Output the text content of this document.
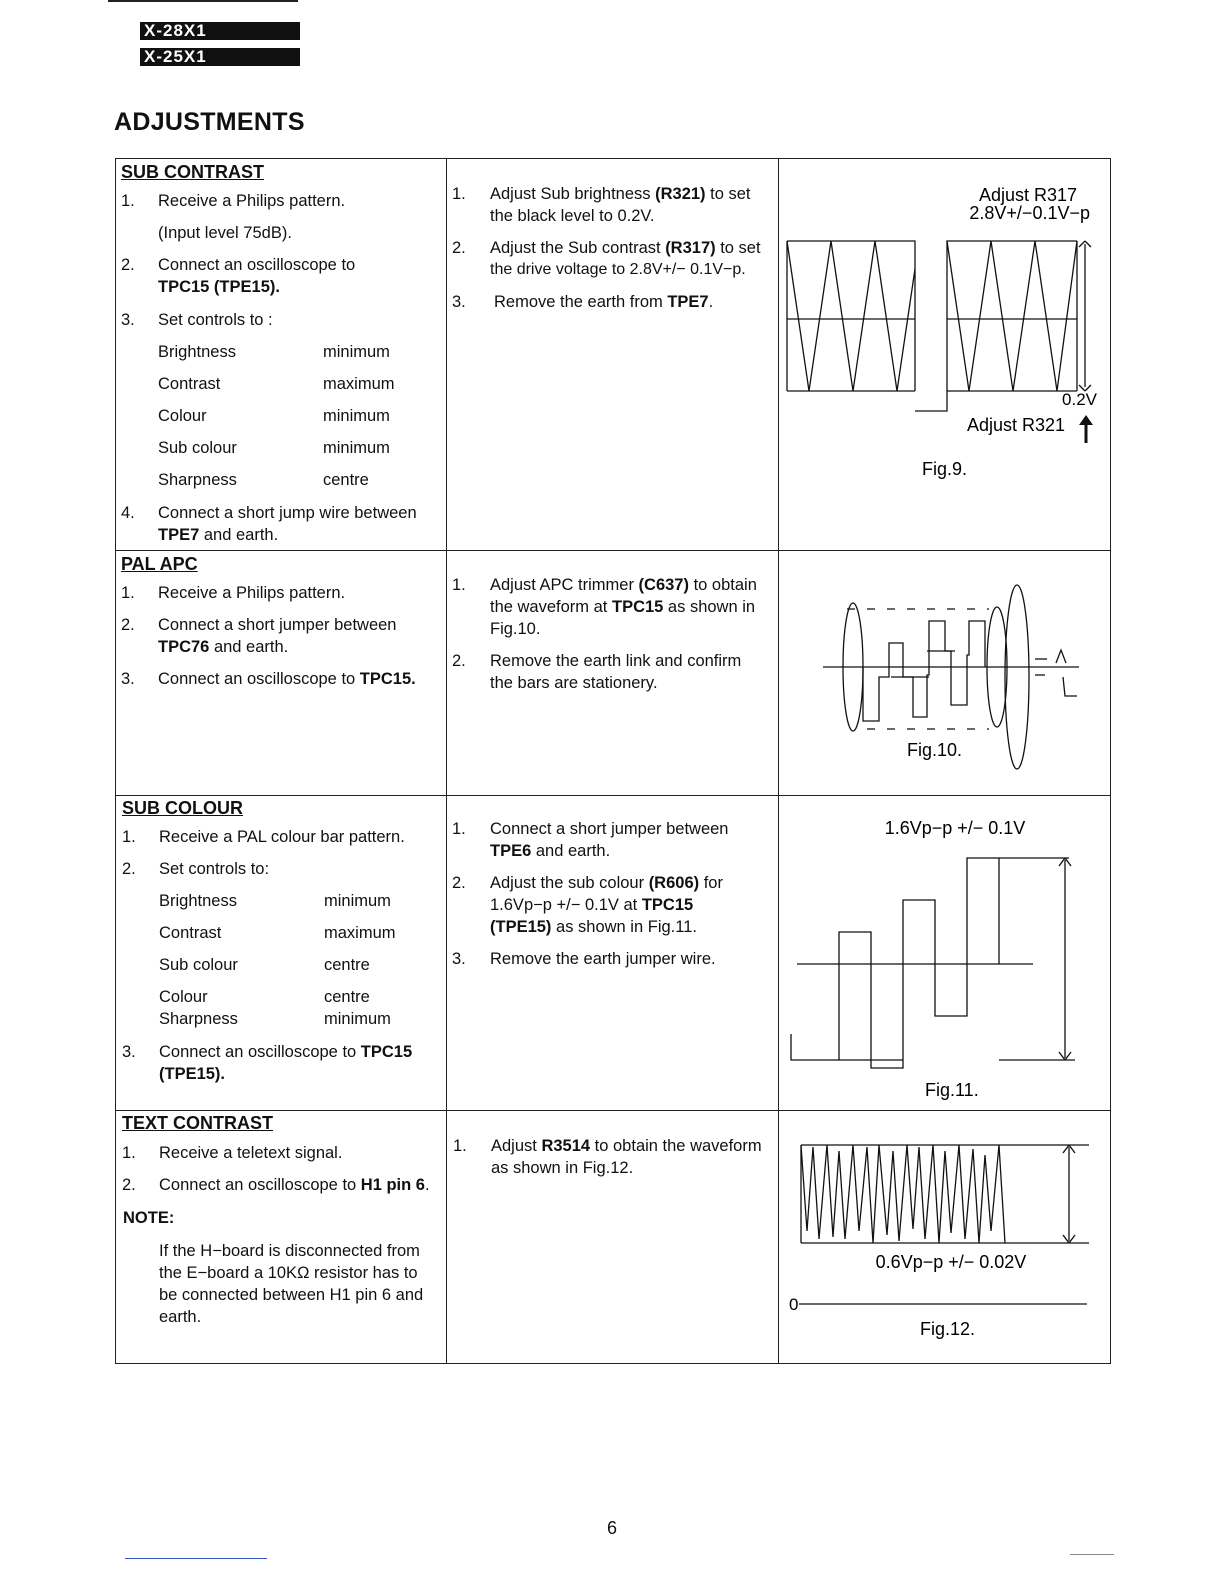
X-28X1
X-25X1
ADJUSTMENTS
SUB CONTRAST
1.	Receive a Philips pattern.
(Input level 75dB).
2.	Connect an oscilloscope to
TPC15 (TPE15).
3.	Set controls to :
Brightness	minimum
Contrast	maximum
Colour	minimum
Sub colour	minimum
Sharpness	centre
4.	Connect a short jump wire between
TPE7 and earth.
1. Adjust Sub brightness (R321) to set
the black level to 0.2V.
2. Adjust the Sub contrast (R317) to set
the drive voltage to 2.8V+/− 0.1V−p.
3. Remove the earth from TPE7.
Adjust R317
2.8V+/−0.1V−p
0.2V
Adjust R321
Fig.9.
PAL APC
1. Receive a Philips pattern.
2. Connect a short jumper between
TPC76 and earth.
3. Connect an oscilloscope to TPC15.
1. Adjust APC trimmer (C637) to obtain
the waveform at TPC15 as shown in
Fig.10.
2. Remove the earth link and confirm
the bars are stationery.
Fig.10.
SUB COLOUR
1. Receive a PAL colour bar pattern.
2. Set controls to:
Brightness	minimum
Contrast	maximum
Sub colour	centre
Colour	centre
Sharpness	minimum
3. Connect an oscilloscope to TPC15
(TPE15).
1. Connect a short jumper between
TPE6 and earth.
2. Adjust the sub colour (R606) for
1.6Vp−p +/− 0.1V at TPC15
(TPE15) as shown in Fig.11.
3. Remove the earth jumper wire.
1.6Vp−p +/− 0.1V
Fig.11.
TEXT CONTRAST
1. Receive a teletext signal.
2. Connect an oscilloscope to H1 pin 6.
NOTE:
If the H−board is disconnected from
the E−board a 10KΩ resistor has to
be connected between H1 pin 6 and
earth.
1. Adjust R3514 to obtain the waveform
as shown in Fig.12.
0.6Vp−p +/− 0.02V
0
Fig.12.
6
